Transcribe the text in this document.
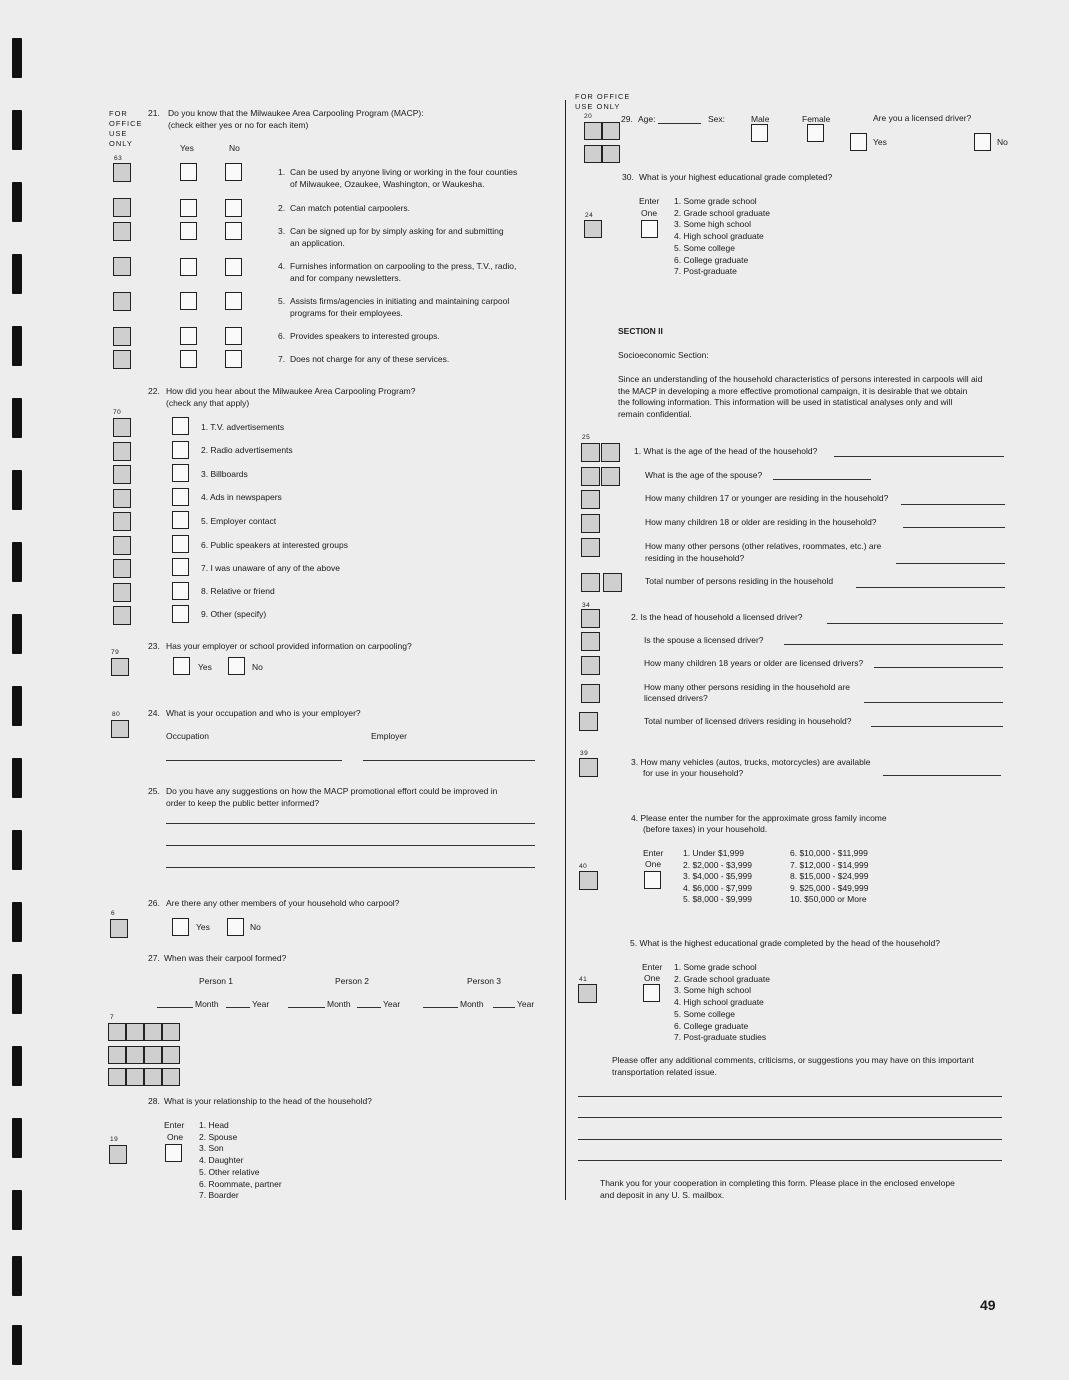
FOR
OFFICE
USE
ONLY
21. Do you know that the Milwaukee Area Carpooling Program (MACP):
(check either yes or no for each item)
Yes	No
63
1. Can be used by anyone living or working in the four counties
of Milwaukee, Ozaukee, Washington, or Waukesha.
2. Can match potential carpoolers.
3. Can be signed up for by simply asking for and submitting
an application.
4. Furnishes information on carpooling to the press, T.V., radio,
and for company newsletters.
5. Assists firms/agencies in initiating and maintaining carpool
programs for their employees.
6. Provides speakers to interested groups.
7. Does not charge for any of these services.
22. How did you hear about the Milwaukee Area Carpooling Program?
(check any that apply)
70
1. T.V. advertisements
2. Radio advertisements
3. Billboards
4. Ads in newspapers
5. Employer contact
6. Public speakers at interested groups
7. I was unaware of any of the above
8. Relative or friend
9. Other (specify)
23. Has your employer or school provided information on carpooling?
79
Yes	No
80	24. What is your occupation and who is your employer?
Occupation	Employer
25. Do you have any suggestions on how the MACP promotional effort could be improved in
order to keep the public better informed?
26. Are there any other members of your household who carpool?
6
Yes	No
27. When was their carpool formed?
Person 1	Person 2	Person 3
Month	Year	Month	Year	Month	Year
7
28. What is your relationship to the head of the household?
Enter
One
19
1. Head
2. Spouse
3. Son
4. Daughter
5. Other relative
6. Roommate, partner
7. Boarder
FOR OFFICE
USE ONLY
20	29. Age:	Sex:	Male	Female	Are you a licensed driver?
Yes	No
30. What is your highest educational grade completed?
Enter
One
24
1. Some grade school
2. Grade school graduate
3. Some high school
4. High school graduate
5. Some college
6. College graduate
7. Post-graduate
SECTION II
Socioeconomic Section:
Since an understanding of the household characteristics of persons interested in carpools will aid
the MACP in developing a more effective promotional campaign, it is desirable that we obtain
the following information. This information will be used in statistical analyses only and will
remain confidential.
25
1. What is the age of the head of the household?
What is the age of the spouse?
How many children 17 or younger are residing in the household?
How many children 18 or older are residing in the household?
How many other persons (other relatives, roommates, etc.) are
residing in the household?
Total number of persons residing in the household
34
2. Is the head of household a licensed driver?
Is the spouse a licensed driver?
How many children 18 years or older are licensed drivers?
How many other persons residing in the household are
licensed drivers?
Total number of licensed drivers residing in household?
39
3. How many vehicles (autos, trucks, motorcycles) are available
for use in your household?
4. Please enter the number for the approximate gross family income
(before taxes) in your household.
Enter
One
40
1. Under $1,999
2. $2,000 - $3,999
3. $4,000 - $5,999
4. $6,000 - $7,999
5. $8,000 - $9,999
6. $10,000 - $11,999
7. $12,000 - $14,999
8. $15,000 - $24,999
9. $25,000 - $49,999
10. $50,000 or More
5. What is the highest educational grade completed by the head of the household?
Enter
One
41
1. Some grade school
2. Grade school graduate
3. Some high school
4. High school graduate
5. Some college
6. College graduate
7. Post-graduate studies
Please offer any additional comments, criticisms, or suggestions you may have on this important
transportation related issue.
Thank you for your cooperation in completing this form. Please place in the enclosed envelope
and deposit in any U. S. mailbox.
49
